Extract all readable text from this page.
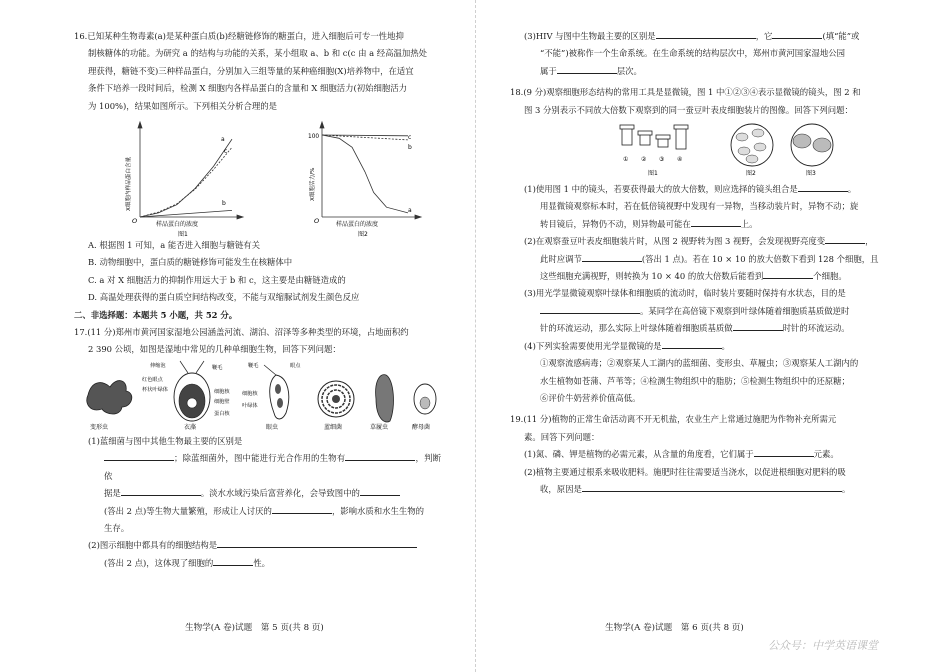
16.已知某种生物毒素(a)是某种蛋白质(b)经糖链修饰的糖蛋白，进入细胞后可专一性地抑

制核糖体的功能。为研究 a 的结构与功能的关系，某小组取 a、b 和 c(c 由 a 经高温加热处

理获得，糖链不变)三种样品蛋白，分别加入三组等量的某种癌细胞(X)培养物中，在适宜

条件下培养一段时间后，检测 X 细胞内各样品蛋白的含量和 X 细胞活力(初始细胞活力

为 100%)，结果如图所示。下列相关分析合理的是

a
c
b
O	样品蛋白的浓度
X细胞内样品蛋白含量
图1
c
b
a
100
O	样品蛋白的浓度
X细胞活力/%
图2

A. 根据图 1 可知，a 能否进入细胞与糖链有关

B. 动物细胞中，蛋白质的糖链修饰可能发生在核糖体中

C. a 对 X 细胞活力的抑制作用远大于 b 和 c，这主要是由糖链造成的

D. 高温处理获得的蛋白质空间结构改变，不能与双缩脲试剂发生颜色反应

二、非选择题：本题共 5 小题，共 52 分。

17.(11 分)郑州市黄河国家湿地公园涵盖河流、湖泊、沼泽等多种类型的环境，占地面积约

2 390 公顷，如图是湿地中常见的几种单细胞生物，回答下列问题：

变形虫	衣藻
伸缩泡	鞭毛
红色眼点
杯状叶绿体	细胞核
细胞壁
蛋白核
眼虫
鞭毛	眼点
细胞核
叶绿体
蓝细菌	草履虫	酵母菌

(1)蓝细菌与图中其他生物最主要的区别是

；除蓝细菌外，图中能进行光合作用的生物有	，判断依

据是	。淡水水域污染后富营养化，会导致图中的

(答出 2 点)等生物大量繁殖，形成让人讨厌的	，影响水质和水生生物的

生存。

(2)图示细胞中都具有的细胞结构是

(答出 2 点)，这体现了细胞的	性。

生物学(A 卷)试题　第 5 页(共 8 页)

(3)HIV 与图中生物最主要的区别是	，它	(填“能”或

“不能”)被称作一个生命系统。在生命系统的结构层次中，郑州市黄河国家湿地公园

属于	层次。

18.(9 分)观察细胞形态结构的常用工具是显微镜，图 1 中①②③④表示显微镜的镜头，图 2 和

图 3 分别表示不同放大倍数下观察到的同一蚕豆叶表皮细胞装片的图像。回答下列问题：

① ② ③ ④
图1	图2	图3

(1)使用图 1 中的镜头，若要获得最大的放大倍数，则应选择的镜头组合是	。

用显微镜观察标本时，若在低倍镜视野中发现有一异物，当移动装片时，异物不动；旋

转目镜后，异物仍不动，则异物最可能在	上。

(2)在观察蚕豆叶表皮细胞装片时，从图 2 视野转为图 3 视野，会发现视野亮度变	，

此时应调节	(答出 1 点)。若在 10 × 10 的放大倍数下看到 128 个细胞，且

这些细胞充满视野，则转换为 10 × 40 的放大倍数后能看到	个细胞。

(3)用光学显微镜观察叶绿体和细胞质的流动时，临时装片要随时保持有水状态，目的是

。某同学在高倍镜下观察到叶绿体随着细胞质基质做逆时

针的环流运动，那么实际上叶绿体随着细胞质基质做	时针的环流运动。

(4)下列实验需要使用光学显微镜的是	。

①观察流感病毒；②观察某人工湖内的蓝细菌、变形虫、草履虫；③观察某人工湖内的

水生植物如苍蒲、芦苇等；④检测生物组织中的脂肪；⑤检测生物组织中的还原糖；

⑥评价牛奶营养价值高低。

19.(11 分)植物的正常生命活动离不开无机盐，农业生产上常通过施肥为作物补充所需元

素。回答下列问题：

(1)氮、磷、钾是植物的必需元素，从含量的角度看，它们属于	元素。

(2)植物主要通过根系来吸收肥料。施肥时往往需要适当浇水，以促进根细胞对肥料的吸

收，原因是	。

生物学(A 卷)试题　第 6 页(共 8 页)
公众号：中学英语课堂
